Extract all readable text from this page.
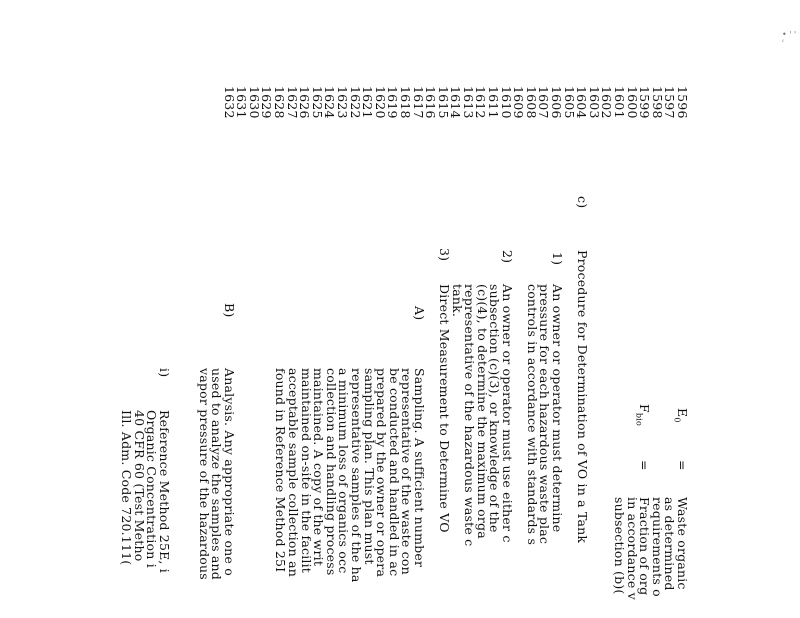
• ' ' ʿ
1596
1597
1598
1599
1600
1601
1602
1603
1604
1605
1606
1607
1608
1609
1610
1611
1612
1613
1614
1615
1616
1617
1618
1619
1620
1621
1622
1623
1624
1625
1626
1627
1628
1629
1630
1631
1632
$E_0$
=
Waste organic
as determined
requirements o
Fraction of org
in accordance v
subsection (b)(
$F_{bio}$
=
c)
Procedure for Determination of VO in a Tank
1)
An owner or operator must determine
pressure for each hazardous waste plac
controls in accordance with standards s
2)
An owner or operator must use either c
subsection (c)(3), or knowledge of the
(c)(4), to determine the maximum orga
representative of the hazardous waste c
tank.
3)
Direct Measurement to Determine VO
A)
Sampling. A sufficient number
representative of the waste con
be conducted and handled in ac
prepared by the owner or opera
sampling plan. This plan must
representative samples of the ha
a minimum loss of organics occ
collection and handling process
maintained. A copy of the writ
maintained on-site in the facilit
acceptable sample collection an
found in Reference Method 25I
B)
Analysis. Any appropriate one o
used to analyze the samples and
vapor pressure of the hazardous
i)
Reference Method 25E, i
Organic Concentration i
40 CFR 60 (Test Metho
Ill. Adm. Code 720.111(
